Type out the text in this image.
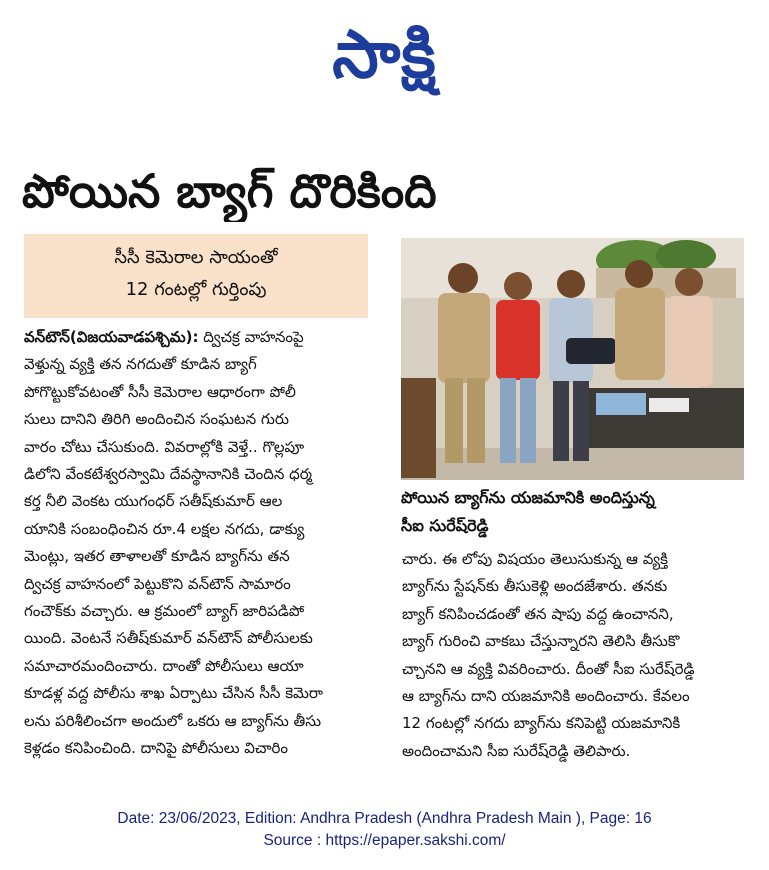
సాక్షి
పోయిన బ్యాగ్ దొరికింది
సీసీ కెమెరాల సాయంతో
12 గంటల్లో గుర్తింపు
పోయిన బ్యాగ్‌ను యజమానికి అందిస్తున్న
సీఐ సురేష్‌రెడ్డి
వన్‌టౌన్‌(విజయవాడపశ్చిమ): ద్విచక్ర వాహనంపై
వెళ్తున్న వ్యక్తి తన నగదుతో కూడిన బ్యాగ్‌
పోగొట్టుకోవటంతో సీసీ కెమెరాల ఆధారంగా పోలీ
సులు దానిని తిరిగి అందించిన సంఘటన గురు
వారం చోటు చేసుకుంది. వివరాల్లోకి వెళ్తే.. గొల్లపూ
డిలోని వేంకటేశ్వరస్వామి దేవస్థానానికి చెందిన ధర్మ
కర్త నీలి వెంకట యుగంధర్‌ సతీష్‌కుమార్‌ ఆల
యానికి సంబంధించిన రూ.4 లక్షల నగదు, డాక్యు
మెంట్లు, ఇతర తాళాలతో కూడిన బ్యాగ్‌ను తన
ద్విచక్ర వాహనంలో పెట్టుకొని వన్‌టౌన్‌ సామారం
గంచౌక్‌కు వచ్చారు. ఆ క్రమంలో బ్యాగ్‌ జారిపడిపో
యింది. వెంటనే సతీష్‌కుమార్‌ వన్‌టౌన్‌ పోలీసులకు
సమాచారమందించారు. దాంతో పోలీసులు ఆయా
కూడళ్ల వద్ద పోలీసు శాఖ ఏర్పాటు చేసిన సీసీ కెమెరా
లను పరిశీలించగా అందులో ఒకరు ఆ బ్యాగ్‌ను తీసు
కెళ్లడం కనిపించింది. దానిపై పోలీసులు విచారిం
చారు. ఈ లోపు విషయం తెలుసుకున్న ఆ వ్యక్తి
బ్యాగ్‌ను స్టేషన్‌కు తీసుకెళ్లి అందజేశారు. తనకు
బ్యాగ్‌ కనిపించడంతో తన షాపు వద్ద ఉంచానని,
బ్యాగ్‌ గురించి వాకబు చేస్తున్నారని తెలిసి తీసుకొ
చ్చానని ఆ వ్యక్తి వివరించారు. దీంతో సీఐ సురేష్‌రెడ్డి
ఆ బ్యాగ్‌ను దాని యజమానికి అందించారు. కేవలం
12 గంటల్లో నగదు బ్యాగ్‌ను కనిపెట్టి యజమానికి
అందించామని సీఐ సురేష్‌రెడ్డి తెలిపారు.
Date: 23/06/2023, Edition: Andhra Pradesh (Andhra Pradesh Main ), Page: 16
Source : https://epaper.sakshi.com/
